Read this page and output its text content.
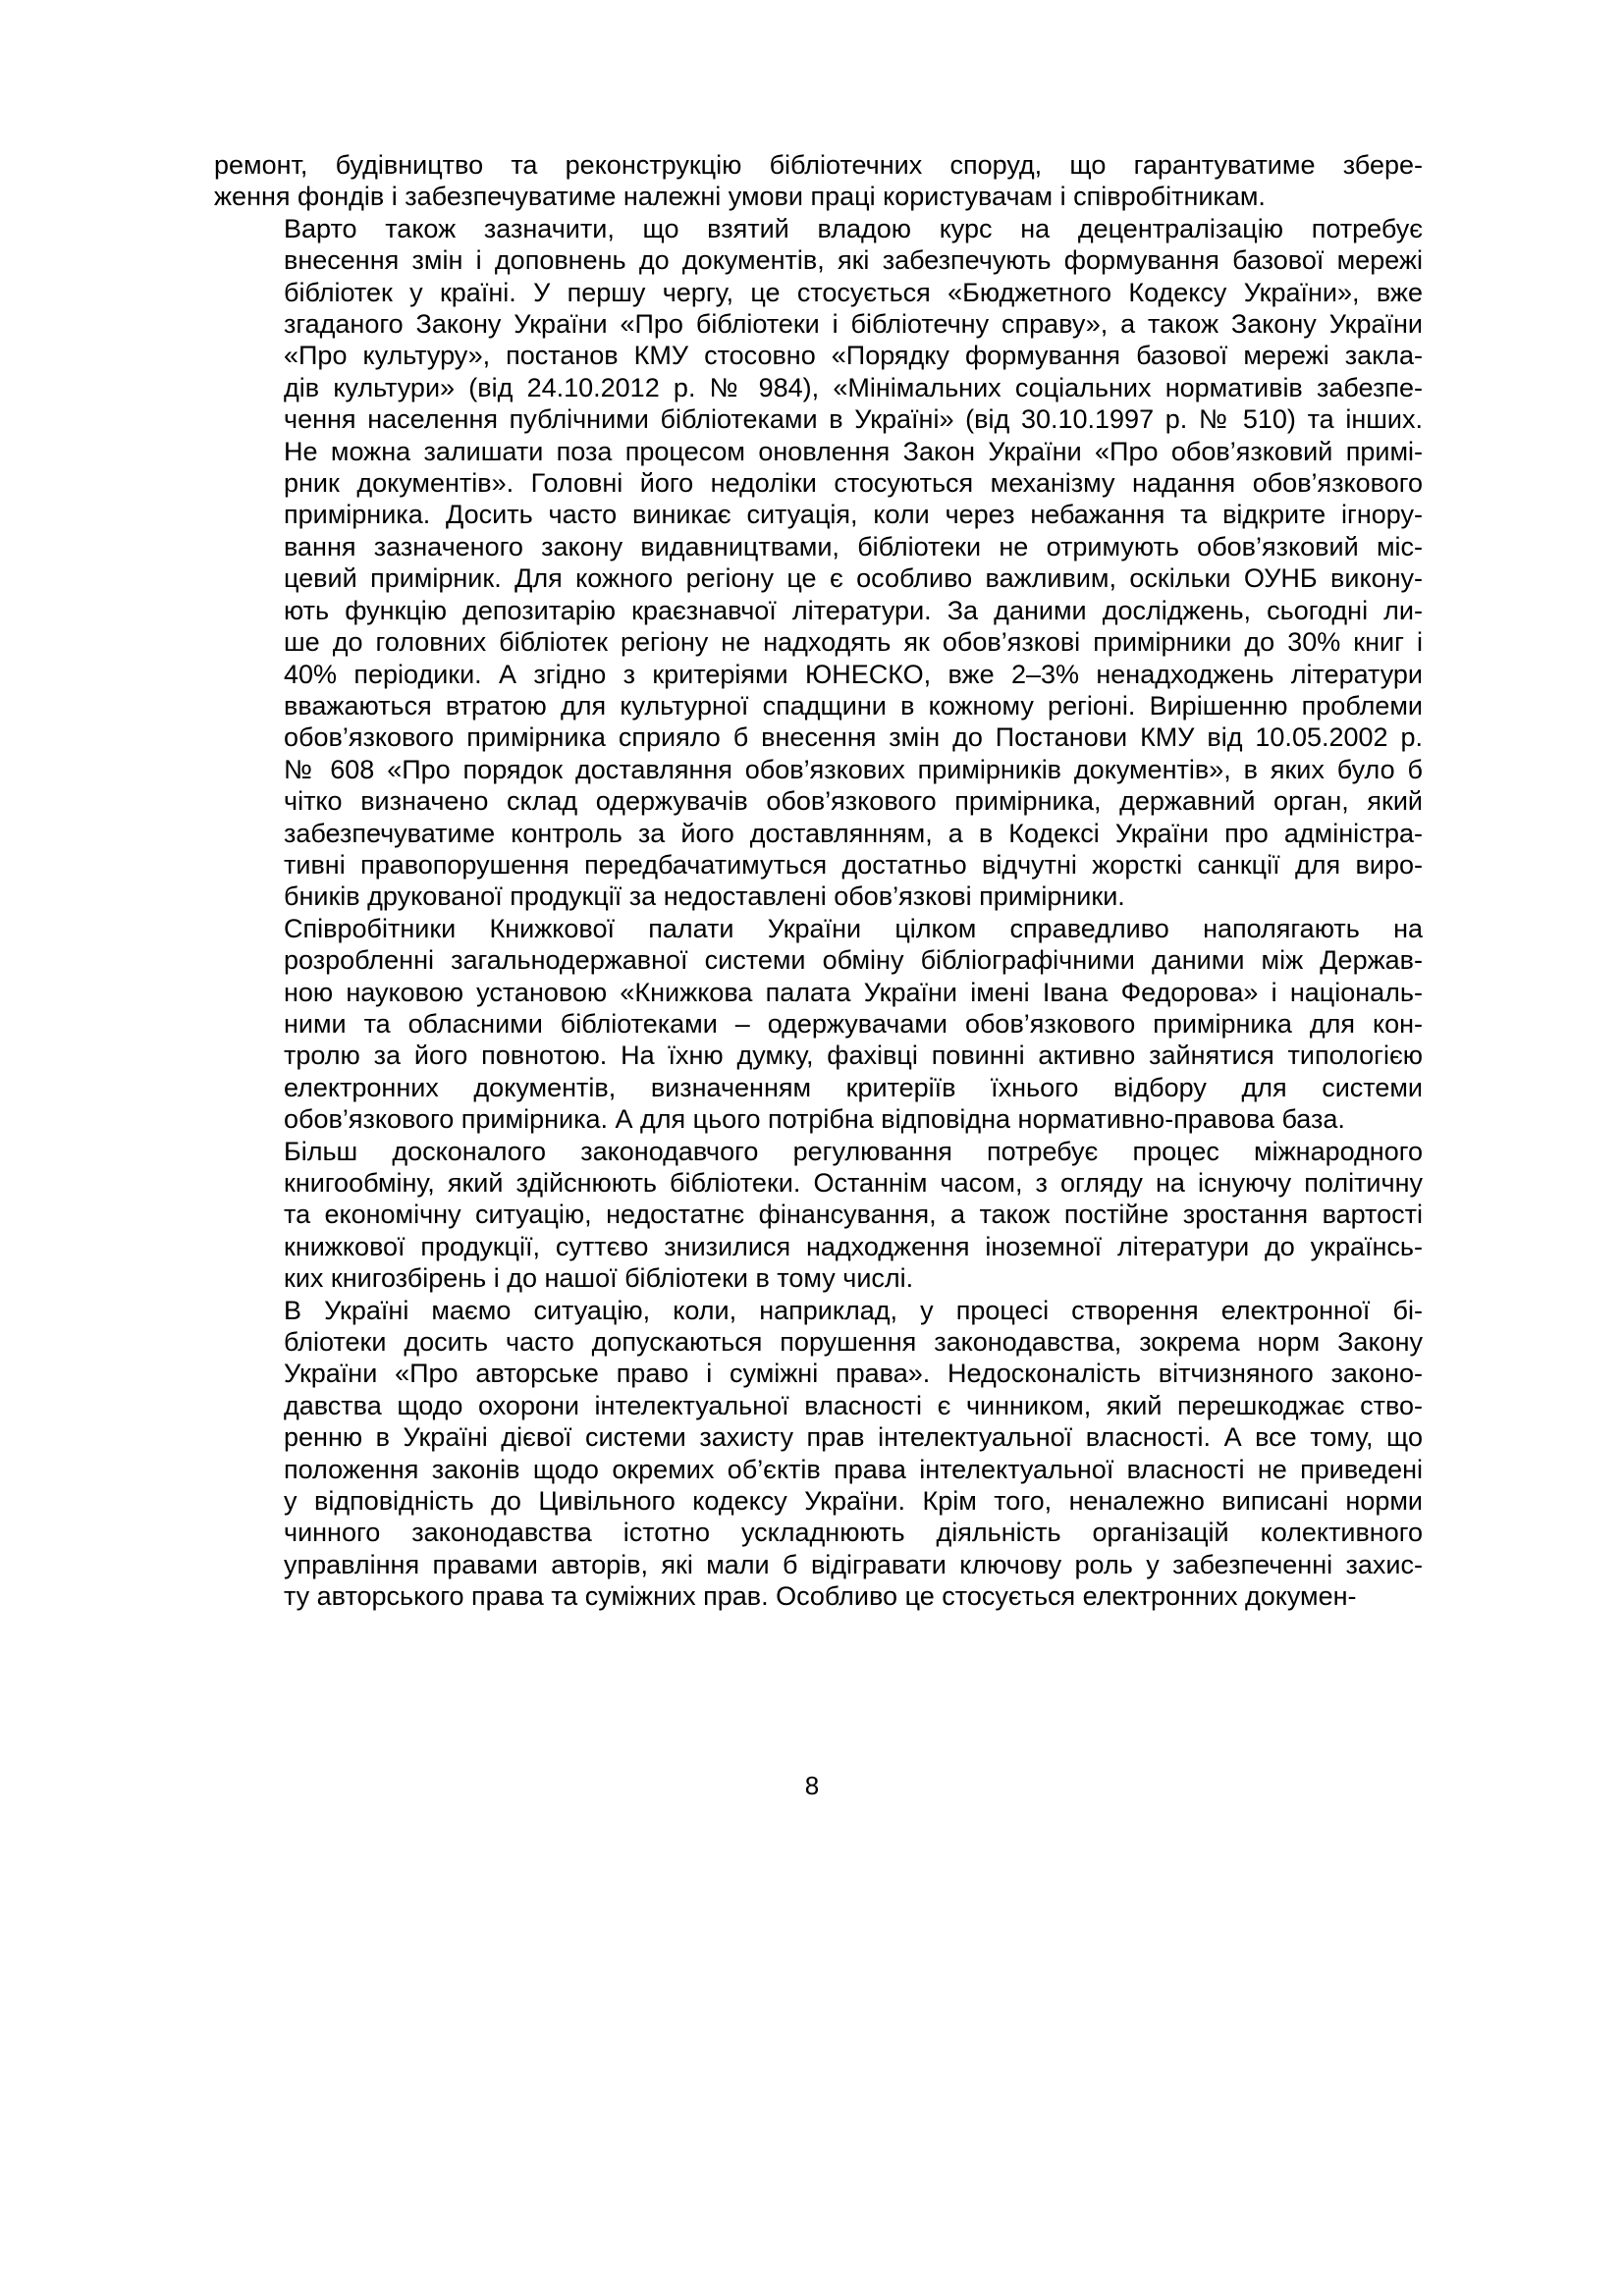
ремонт, будівництво та реконструкцію бібліотечних споруд, що гарантуватиме збере-
ження фондів і забезпечуватиме належні умови праці користувачам і співробітникам.
Варто також зазначити, що взятий владою курс на децентралізацію потребує
внесення змін і доповнень до документів, які забезпечують формування базової мережі
бібліотек у країні. У першу чергу, це стосується «Бюджетного Кодексу України», вже
згаданого Закону України «Про бібліотеки і бібліотечну справу», а також Закону України
«Про культуру», постанов КМУ стосовно «Порядку формування базової мережі закла-
дів культури» (від 24.10.2012 р. № 984), «Мінімальних соціальних нормативів забезпе-
чення населення публічними бібліотеками в Україні» (від 30.10.1997 р. № 510) та інших.
Не можна залишати поза процесом оновлення Закон України «Про обов’язковий примі-
рник документів». Головні його недоліки стосуються механізму надання обов’язкового
примірника. Досить часто виникає ситуація, коли через небажання та відкрите ігнору-
вання зазначеного закону видавництвами, бібліотеки не отримують обов’язковий міс-
цевий примірник. Для кожного регіону це є особливо важливим, оскільки ОУНБ викону-
ють функцію депозитарію краєзнавчої літератури. За даними досліджень, сьогодні ли-
ше до головних бібліотек регіону не надходять як обов’язкові примірники до 30% книг і
40% періодики. А згідно з критеріями ЮНЕСКО, вже 2–3% ненадходжень літератури
вважаються втратою для культурної спадщини в кожному регіоні. Вирішенню проблеми
обов’язкового примірника сприяло б внесення змін до Постанови КМУ від 10.05.2002 р.
№ 608 «Про порядок доставляння обов’язкових примірників документів», в яких було б
чітко визначено склад одержувачів обов’язкового примірника, державний орган, який
забезпечуватиме контроль за його доставлянням, а в Кодексі України про адміністра-
тивні правопорушення передбачатимуться достатньо відчутні жорсткі санкції для виро-
бників друкованої продукції за недоставлені обов’язкові примірники.
Співробітники Книжкової палати України цілком справедливо наполягають на
розробленні загальнодержавної системи обміну бібліографічними даними між Держав-
ною науковою установою «Книжкова палата України імені Івана Федорова» і національ-
ними та обласними бібліотеками – одержувачами обов’язкового примірника для кон-
тролю за його повнотою. На їхню думку, фахівці повинні активно зайнятися типологією
електронних документів, визначенням критеріїв їхнього відбору для системи
обов’язкового примірника. А для цього потрібна відповідна нормативно-правова база.
Більш досконалого законодавчого регулювання потребує процес міжнародного
книгообміну, який здійснюють бібліотеки. Останнім часом, з огляду на існуючу політичну
та економічну ситуацію, недостатнє фінансування, а також постійне зростання вартості
книжкової продукції, суттєво знизилися надходження іноземної літератури до українсь-
ких книгозбірень і до нашої бібліотеки в тому числі.
В Україні маємо ситуацію, коли, наприклад, у процесі створення електронної бі-
бліотеки досить часто допускаються порушення законодавства, зокрема норм Закону
України «Про авторське право і суміжні права». Недосконалість вітчизняного законо-
давства щодо охорони інтелектуальної власності є чинником, який перешкоджає ство-
ренню в Україні дієвої системи захисту прав інтелектуальної власності. А все тому, що
положення законів щодо окремих об’єктів права інтелектуальної власності не приведені
у відповідність до Цивільного кодексу України. Крім того, неналежно виписані норми
чинного законодавства істотно ускладнюють діяльність організацій колективного
управління правами авторів, які мали б відігравати ключову роль у забезпеченні захис-
ту авторського права та суміжних прав. Особливо це стосується електронних докумен-
8
